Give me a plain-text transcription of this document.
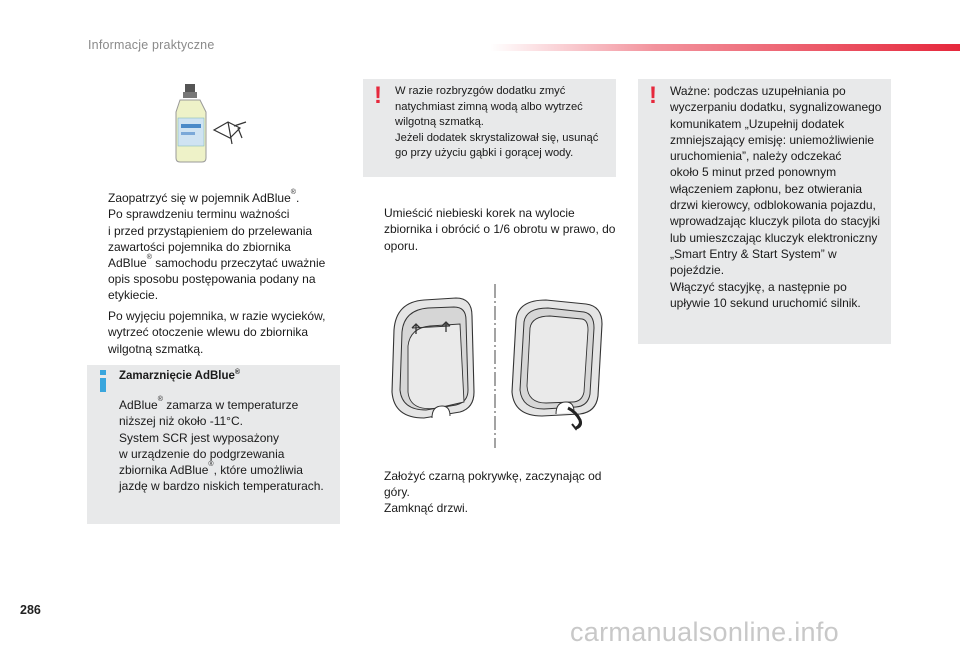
Informacje praktyczne

Zaopatrzyć się w pojemnik AdBlue®.
Po sprawdzeniu terminu ważności
i przed przystąpieniem do przelewania
zawartości pojemnika do zbiornika
AdBlue® samochodu przeczytać uważnie
opis sposobu postępowania podany na
etykiecie.

Po wyjęciu pojemnika, w razie wycieków,
wytrzeć otoczenie wlewu do zbiornika
wilgotną szmatką.

Zamarznięcie AdBlue®
AdBlue® zamarza w temperaturze
niższej niż około -11°C.
System SCR jest wyposażony
w urządzenie do podgrzewania
zbiornika AdBlue®, które umożliwia
jazdę w bardzo niskich temperaturach.
! W razie rozbryzgów dodatku zmyć
natychmiast zimną wodą albo wytrzeć
wilgotną szmatką.
Jeżeli dodatek skrystalizował się, usunąć
go przy użyciu gąbki i gorącej wody.

Umieścić niebieski korek na wylocie
zbiornika i obrócić o 1/6 obrotu w prawo, do
oporu.

Założyć czarną pokrywkę, zaczynając od
góry.

Zamknąć drzwi.

! Ważne: podczas uzupełniania po
wyczerpaniu dodatku, sygnalizowanego
komunikatem „Uzupełnij dodatek
zmniejszający emisję: uniemożliwienie
uruchomienia”, należy odczekać
około 5 minut przed ponownym
włączeniem zapłonu, bez otwierania
drzwi kierowcy, odblokowania pojazdu,
wprowadzając kluczyk pilota do stacyjki
lub umieszczając kluczyk elektroniczny
„Smart Entry & Start System” w
pojeździe.
Włączyć stacyjkę, a następnie po
upływie 10 sekund uruchomić silnik.
286
carmanualsonline.info
